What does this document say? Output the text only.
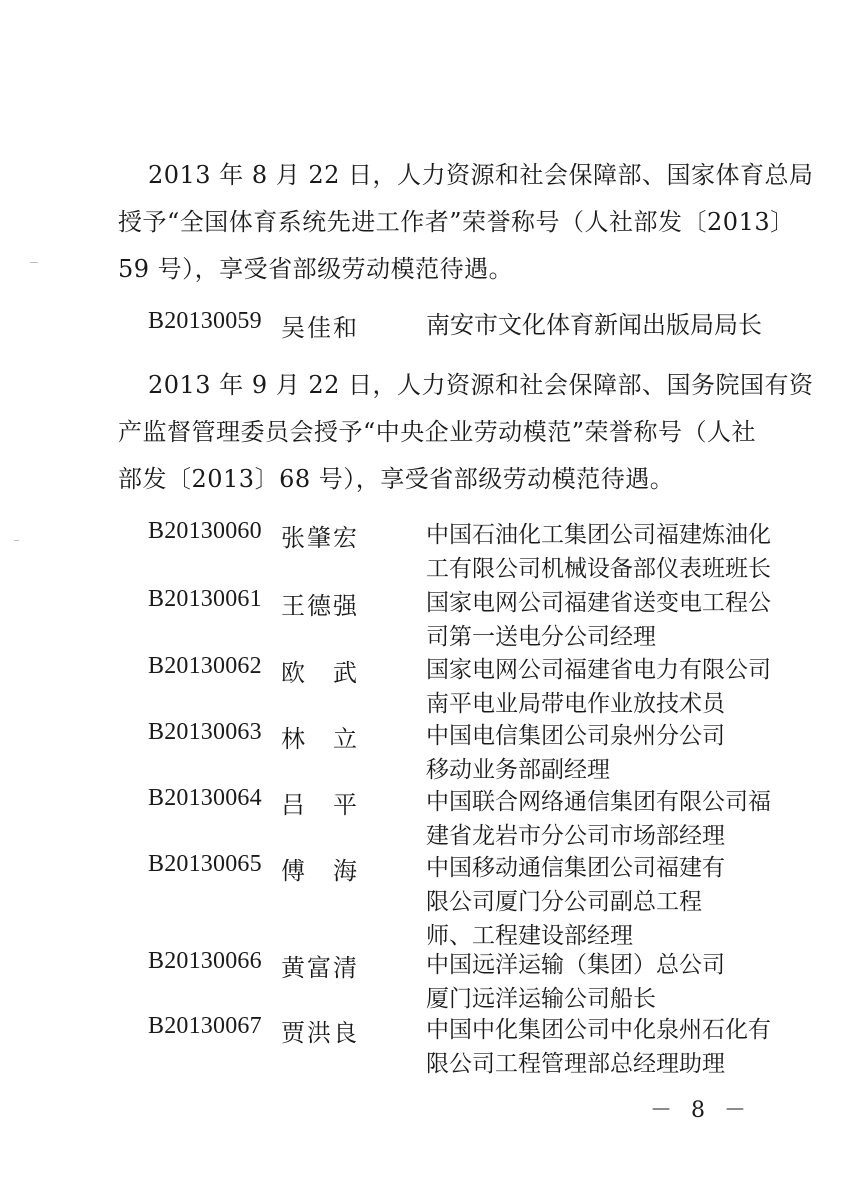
2013 年 8 月 22 日，人力资源和社会保障部、国家体育总局
授予“全国体育系统先进工作者”荣誉称号（人社部发〔2013〕
59 号），享受省部级劳动模范待遇。
B20130059 吴佳和	南安市文化体育新闻出版局局长
2013 年 9 月 22 日，人力资源和社会保障部、国务院国有资
产监督管理委员会授予“中央企业劳动模范”荣誉称号（人社
部发〔2013〕68 号），享受省部级劳动模范待遇。
B20130060 张肇宏	中国石油化工集团公司福建炼油化
工有限公司机械设备部仪表班班长
B20130061 王德强	国家电网公司福建省送变电工程公
司第一送电分公司经理
B20130062 欧　武	国家电网公司福建省电力有限公司
南平电业局带电作业放技术员
B20130063 林　立	中国电信集团公司泉州分公司
移动业务部副经理
B20130064 吕　平	中国联合网络通信集团有限公司福
建省龙岩市分公司市场部经理
B20130065 傅　海	中国移动通信集团公司福建有
限公司厦门分公司副总工程
师、工程建设部经理
B20130066 黄富清	中国远洋运输（集团）总公司
厦门远洋运输公司船长
B20130067 贾洪良	中国中化集团公司中化泉州石化有
限公司工程管理部总经理助理
－ 8 －
